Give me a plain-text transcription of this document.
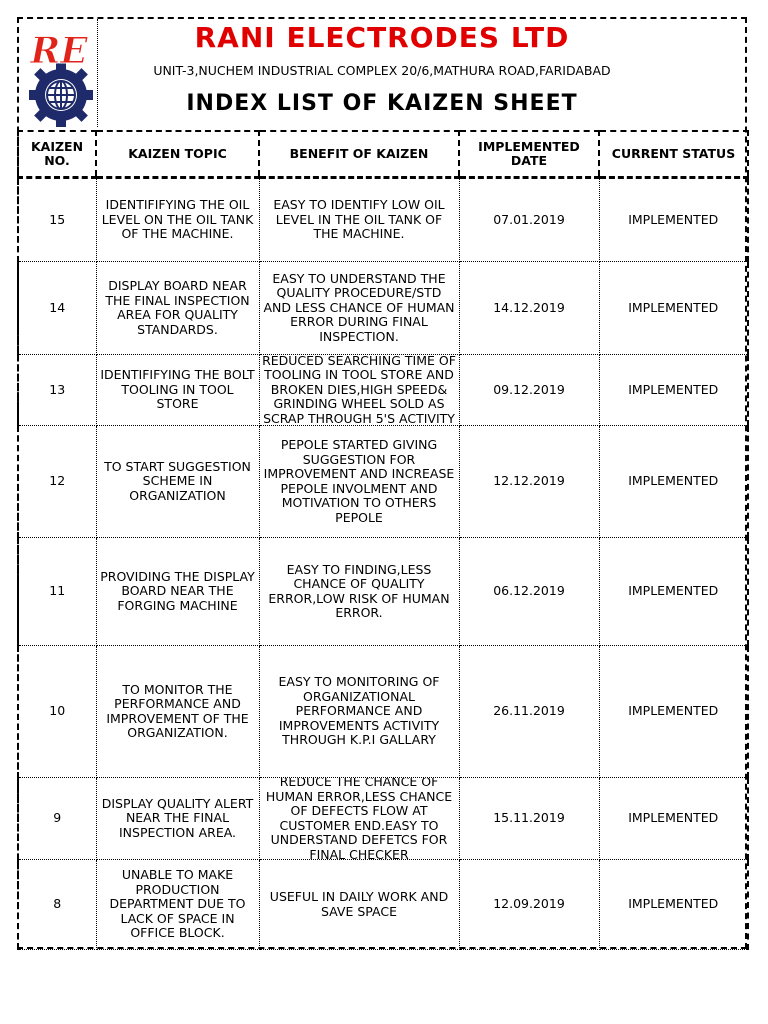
RE	RANI ELECTRODES LTD
UNIT-3,NUCHEM INDUSTRIAL COMPLEX 20/6,MATHURA ROAD,FARIDABAD
INDEX LIST OF KAIZEN SHEET
KAIZEN NO.	KAIZEN TOPIC	BENEFIT OF KAIZEN	IMPLEMENTED DATE	CURRENT STATUS
15	IDENTIFIFYING THE OIL LEVEL ON THE OIL TANK OF THE MACHINE.	EASY TO IDENTIFY LOW OIL LEVEL IN THE OIL TANK OF THE MACHINE.	07.01.2019	IMPLEMENTED
14	DISPLAY BOARD NEAR THE FINAL INSPECTION AREA FOR QUALITY STANDARDS.	EASY TO UNDERSTAND THE QUALITY PROCEDURE/STD AND LESS CHANCE OF HUMAN ERROR DURING FINAL INSPECTION.	14.12.2019	IMPLEMENTED
13	IDENTIFIFYING THE BOLT TOOLING IN TOOL STORE	REDUCED SEARCHING TIME OF TOOLING IN TOOL STORE AND BROKEN DIES,HIGH SPEED& GRINDING WHEEL SOLD AS SCRAP THROUGH 5'S ACTIVITY	09.12.2019	IMPLEMENTED
12	TO START SUGGESTION SCHEME IN ORGANIZATION	PEPOLE STARTED GIVING SUGGESTION FOR IMPROVEMENT AND INCREASE PEPOLE INVOLMENT AND MOTIVATION TO OTHERS PEPOLE	12.12.2019	IMPLEMENTED
11	PROVIDING THE DISPLAY BOARD NEAR THE FORGING MACHINE	EASY TO FINDING,LESS CHANCE OF QUALITY ERROR,LOW RISK OF HUMAN ERROR.	06.12.2019	IMPLEMENTED
10	TO MONITOR THE PERFORMANCE AND IMPROVEMENT OF THE ORGANIZATION.	EASY TO MONITORING OF ORGANIZATIONAL PERFORMANCE AND IMPROVEMENTS ACTIVITY THROUGH K.P.I GALLARY	26.11.2019	IMPLEMENTED
9	DISPLAY QUALITY ALERT NEAR THE FINAL INSPECTION AREA.	REDUCE THE CHANCE OF HUMAN ERROR,LESS CHANCE OF DEFECTS FLOW AT CUSTOMER END.EASY TO UNDERSTAND DEFETCS FOR FINAL CHECKER	15.11.2019	IMPLEMENTED
8	UNABLE TO MAKE PRODUCTION DEPARTMENT DUE TO LACK OF SPACE IN OFFICE BLOCK.	USEFUL IN DAILY WORK AND SAVE SPACE	12.09.2019	IMPLEMENTED
